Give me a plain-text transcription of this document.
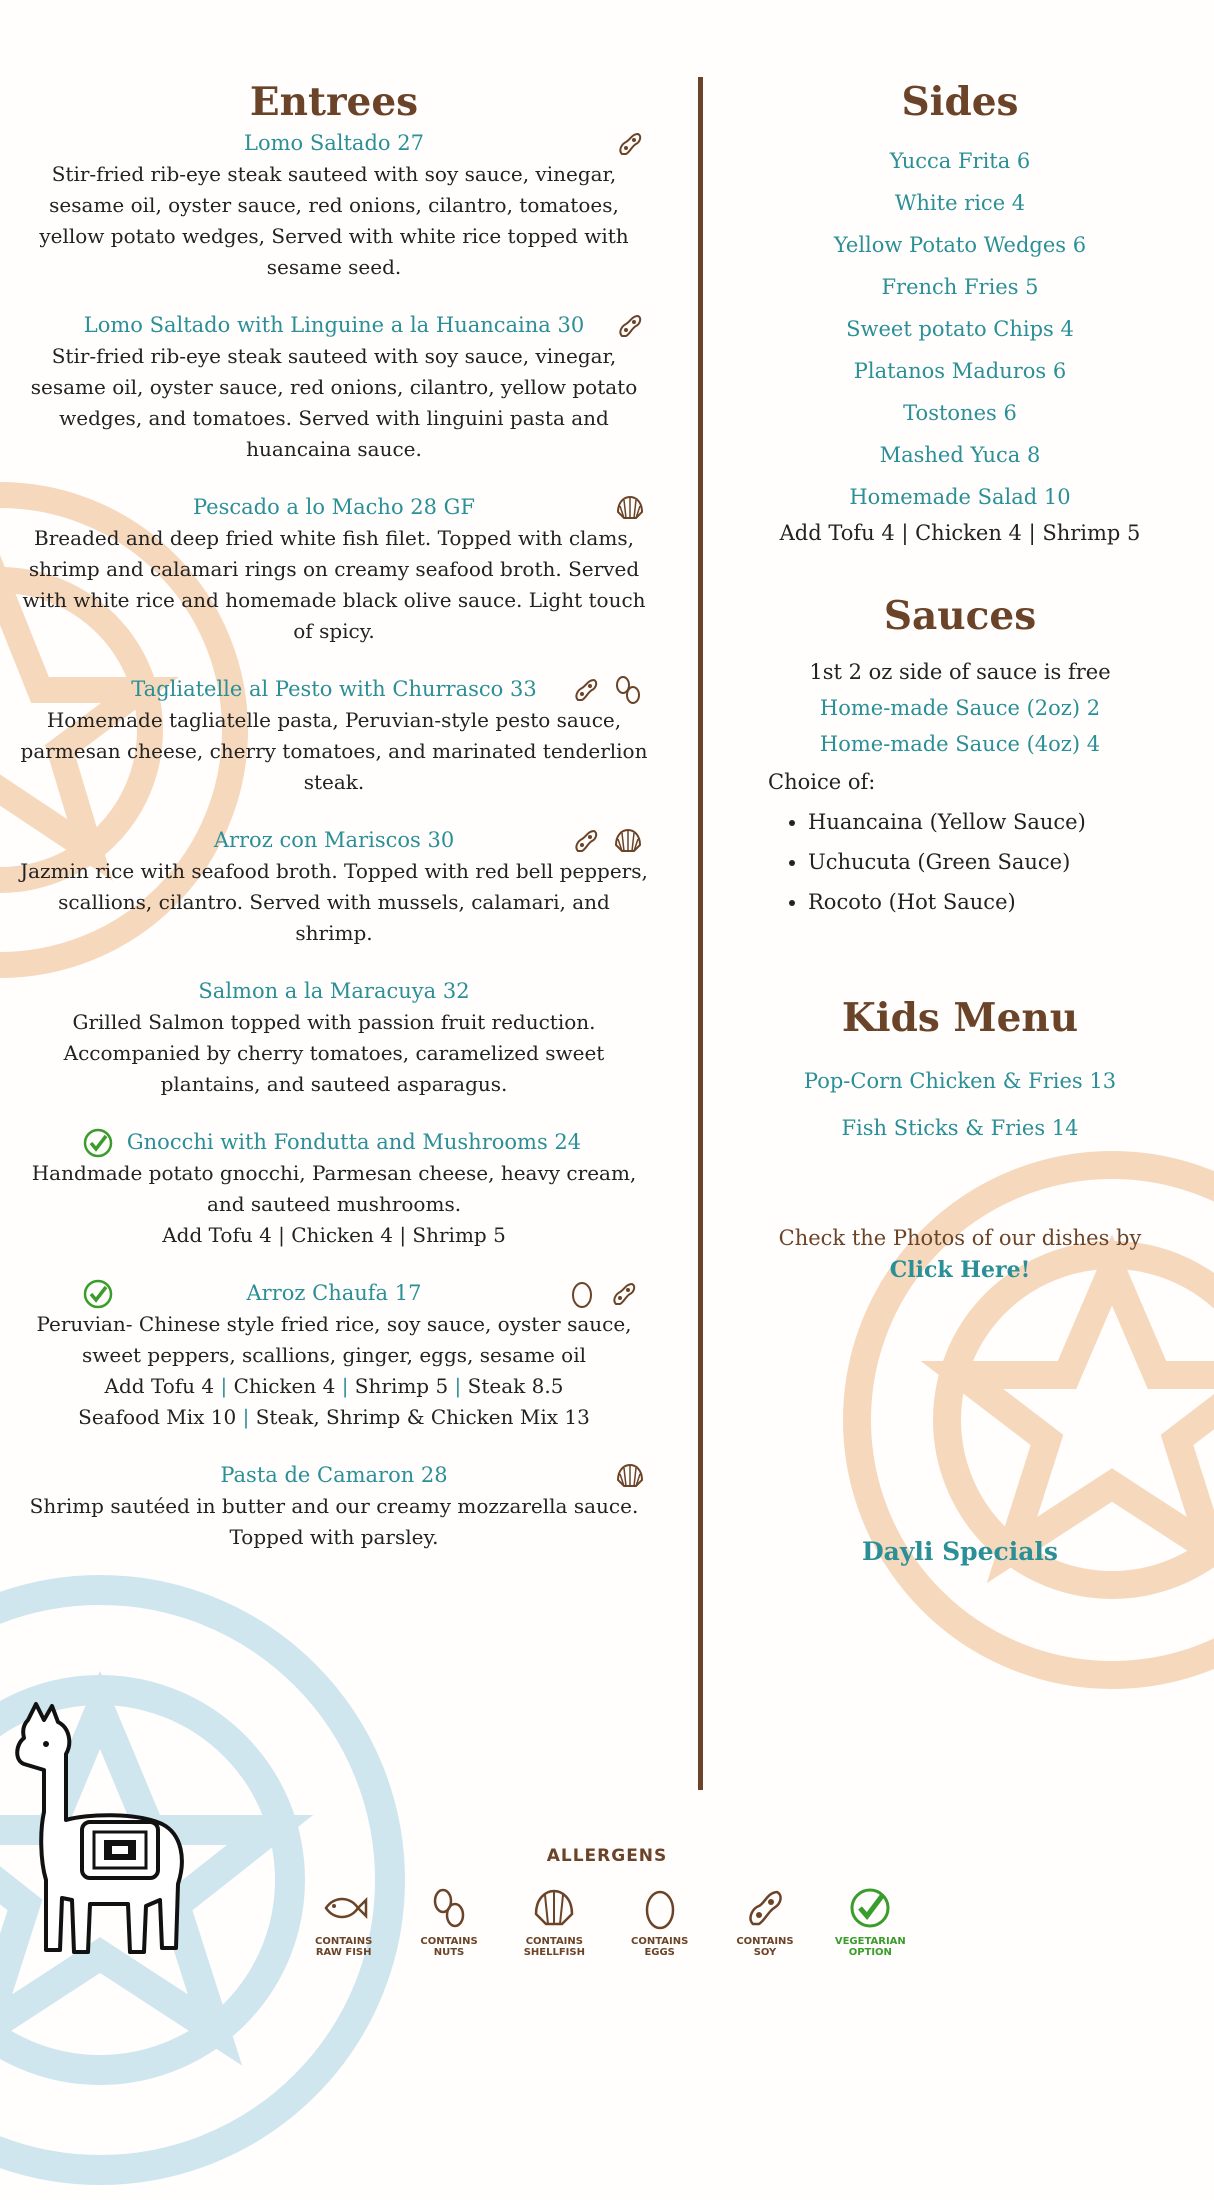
Entrees
Lomo Saltado 27
Stir-fried rib-eye steak sauteed with soy sauce, vinegar, sesame oil, oyster sauce, red onions, cilantro, tomatoes, yellow potato wedges, Served with white rice topped with sesame seed.
Lomo Saltado with Linguine a la Huancaina 30
Stir-fried rib-eye steak sauteed with soy sauce, vinegar, sesame oil, oyster sauce, red onions, cilantro, yellow potato wedges, and tomatoes. Served with linguini pasta and huancaina sauce.
Pescado a lo Macho 28 GF
Breaded and deep fried white fish filet. Topped with clams, shrimp and calamari rings on creamy seafood broth. Served with white rice and homemade black olive sauce. Light touch of spicy.
Tagliatelle al Pesto with Churrasco 33
Homemade tagliatelle pasta, Peruvian-style pesto sauce, parmesan cheese, cherry tomatoes, and marinated tenderlion steak.
Arroz con Mariscos 30
Jazmin rice with seafood broth. Topped with red bell peppers, scallions, cilantro. Served with mussels, calamari, and shrimp.
Salmon a la Maracuya 32
Grilled Salmon topped with passion fruit reduction. Accompanied by cherry tomatoes, caramelized sweet plantains, and sauteed asparagus.
Gnocchi with Fondutta and Mushrooms 24
Handmade potato gnocchi, Parmesan cheese, heavy cream, and sauteed mushrooms.
Add Tofu 4 | Chicken 4 | Shrimp 5
Arroz Chaufa 17
Peruvian- Chinese style fried rice, soy sauce, oyster sauce, sweet peppers, scallions, ginger, eggs, sesame oil
Add Tofu 4 | Chicken 4 | Shrimp 5 | Steak 8.5
Seafood Mix 10 | Steak, Shrimp & Chicken Mix 13
Pasta de Camaron 28
Shrimp sautéed in butter and our creamy mozzarella sauce. Topped with parsley.
Sides
Yucca Frita 6
White rice 4
Yellow Potato Wedges 6
French Fries 5
Sweet potato Chips 4
Platanos Maduros 6
Tostones 6
Mashed Yuca 8
Homemade Salad 10
Add Tofu 4 | Chicken 4 | Shrimp 5
Sauces
1st 2 oz side of sauce is free
Home-made Sauce (2oz) 2
Home-made Sauce (4oz) 4
Choice of:
• Huancaina (Yellow Sauce)
• Uchucuta (Green Sauce)
• Rocoto (Hot Sauce)
Kids Menu
Pop-Corn Chicken & Fries 13
Fish Sticks & Fries 14
Check the Photos of our dishes by
Click Here!
Dayli Specials
ALLERGENS
CONTAINS
RAW FISH
CONTAINS
NUTS
CONTAINS
SHELLFISH
CONTAINS
EGGS
CONTAINS
SOY
VEGETARIAN
OPTION
